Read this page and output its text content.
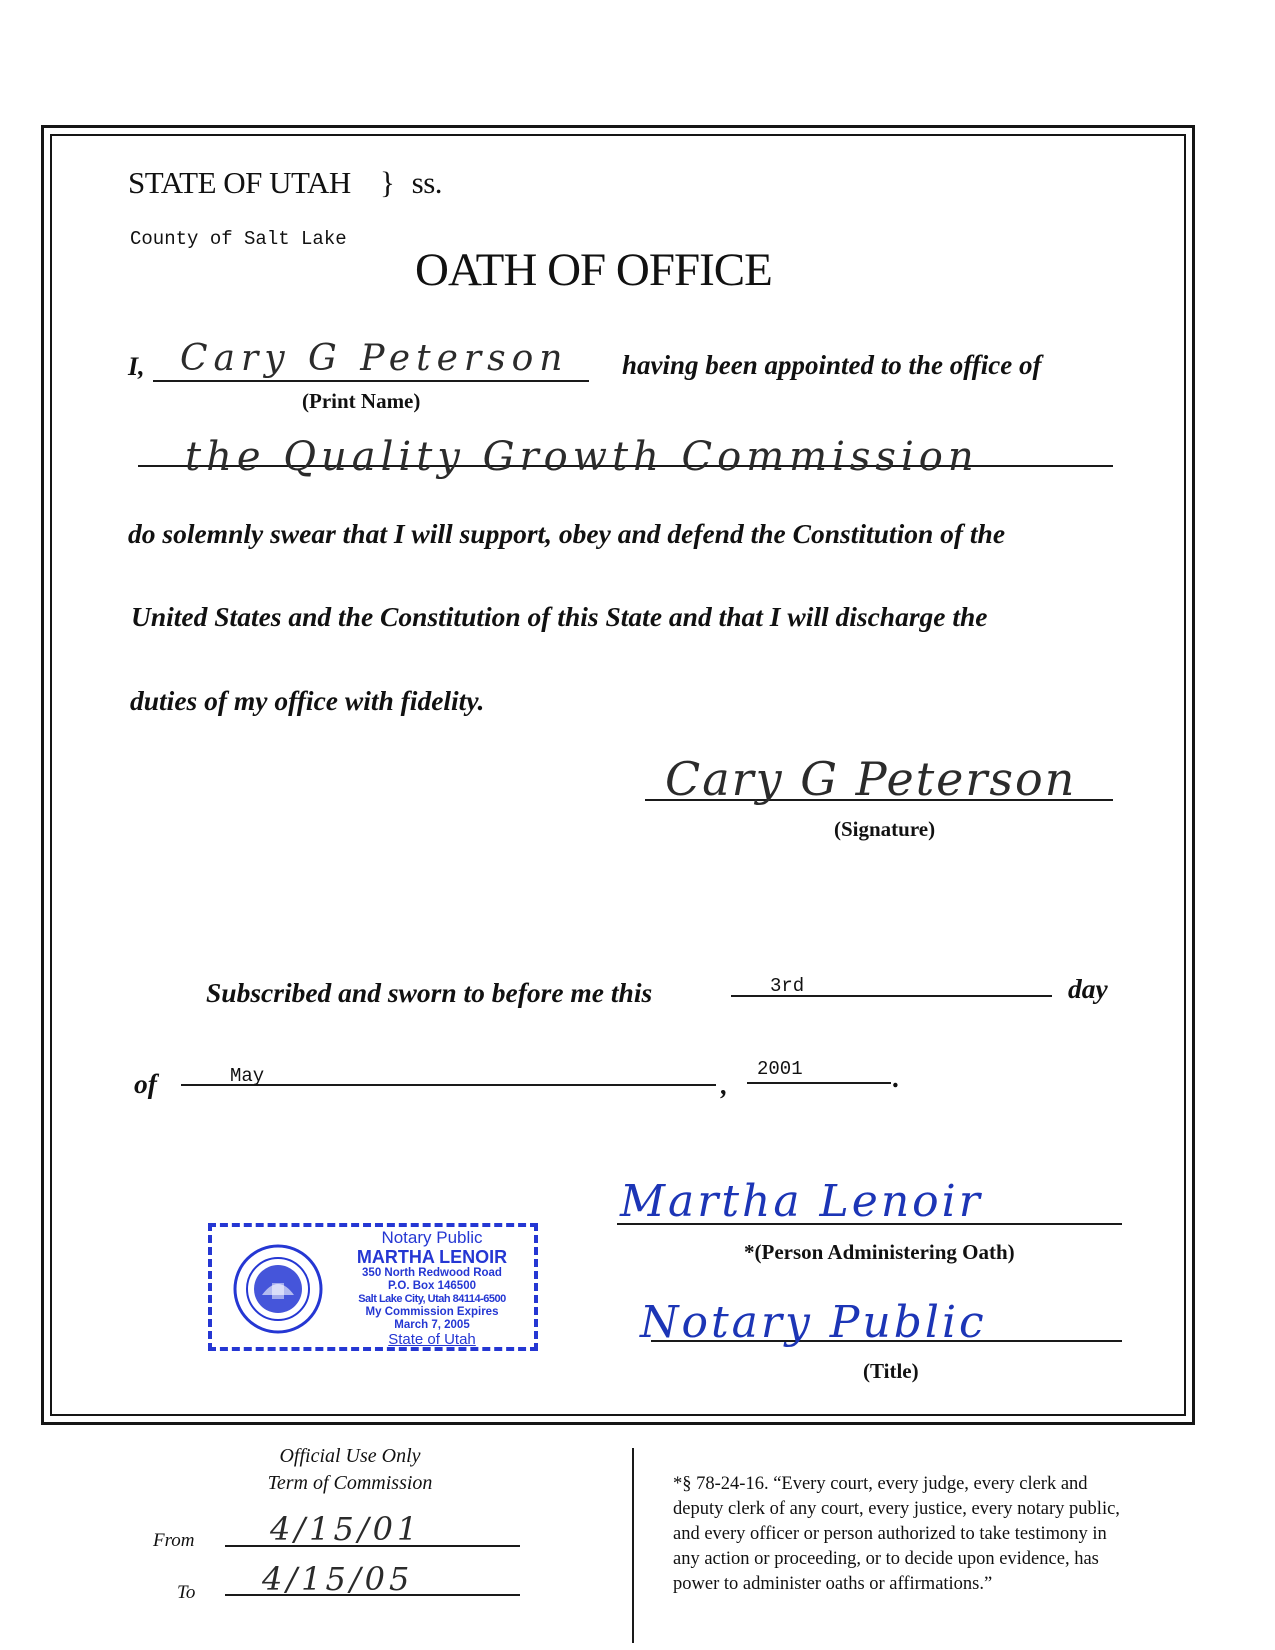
STATE OF UTAH } ss.
County of Salt Lake
OATH OF OFFICE
I, Cary G Peterson
(Print Name)
having been appointed to the office of
the Quality Growth Commission
do solemnly swear that I will support, obey and defend the Constitution of the
United States and the Constitution of this State and that I will discharge the
duties of my office with fidelity.
Cary G Peterson
(Signature)
Subscribed and sworn to before me this	3rd	day
of	May	,
2001	.
Notary Public
MARTHA LENOIR
350 North Redwood Road
P.O. Box 146500
Salt Lake City, Utah 84114-6500
My Commission Expires
March 7, 2005
State of Utah
Martha Lenoir
*(Person Administering Oath)
Notary Public
(Title)
Official Use Only
Term of Commission
From 4/15/01
To 4/15/05
*§ 78-24-16. “Every court, every judge, every clerk and
deputy clerk of any court, every justice, every notary public,
and every officer or person authorized to take testimony in
any action or proceeding, or to decide upon evidence, has
power to administer oaths or affirmations.”
